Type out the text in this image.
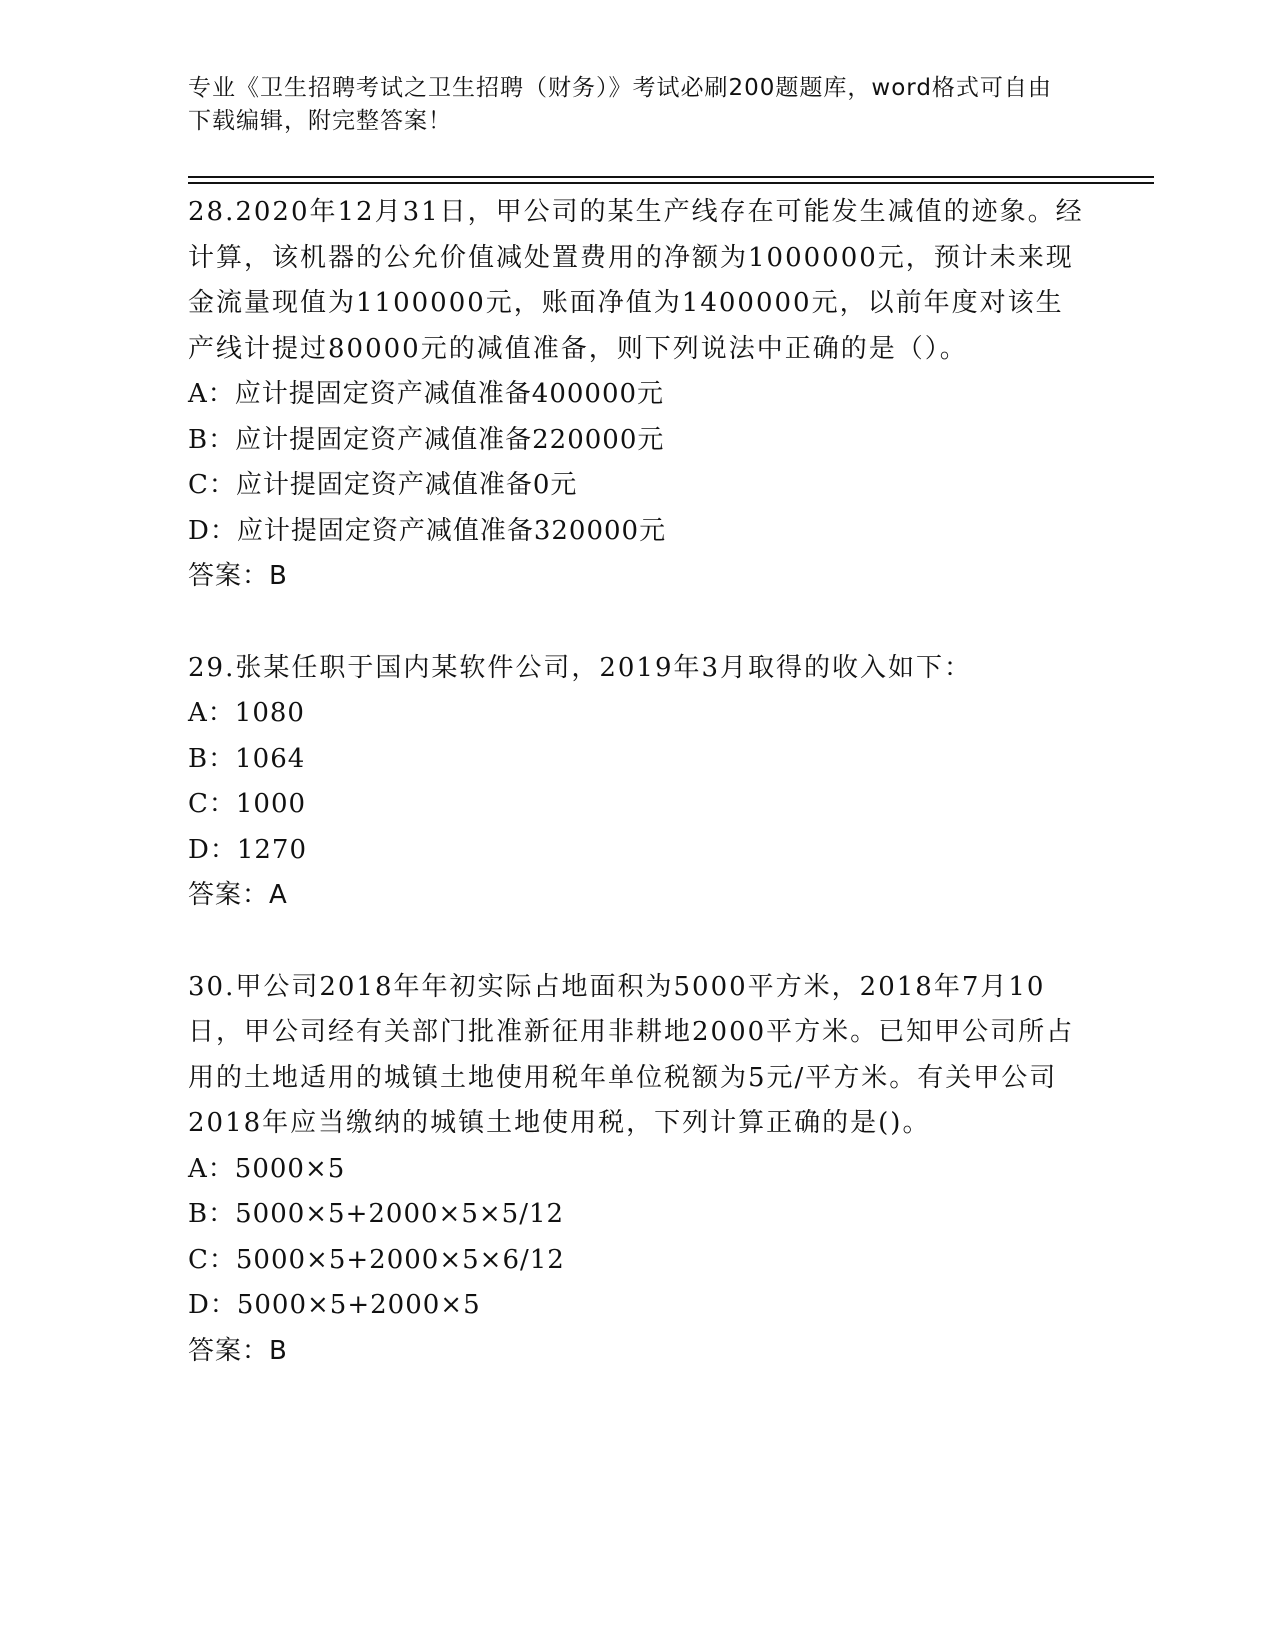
专业《卫生招聘考试之卫生招聘（财务）》考试必刷200题题库，word格式可自由下载编辑，附完整答案！
28.2020年12月31日，甲公司的某生产线存在可能发生减值的迹象。经计算，该机器的公允价值减处置费用的净额为1000000元，预计未来现金流量现值为1100000元，账面净值为1400000元，以前年度对该生产线计提过80000元的减值准备，则下列说法中正确的是（）。
A：应计提固定资产减值准备400000元
B：应计提固定资产减值准备220000元
C：应计提固定资产减值准备0元
D：应计提固定资产减值准备320000元
答案：B
29.张某任职于国内某软件公司，2019年3月取得的收入如下：
A：1080
B：1064
C：1000
D：1270
答案：A
30.甲公司2018年年初实际占地面积为5000平方米，2018年7月10日，甲公司经有关部门批准新征用非耕地2000平方米。已知甲公司所占用的土地适用的城镇土地使用税年单位税额为5元/平方米。有关甲公司2018年应当缴纳的城镇土地使用税，下列计算正确的是()。
A：5000×5
B：5000×5+2000×5×5/12
C：5000×5+2000×5×6/12
D：5000×5+2000×5
答案：B
